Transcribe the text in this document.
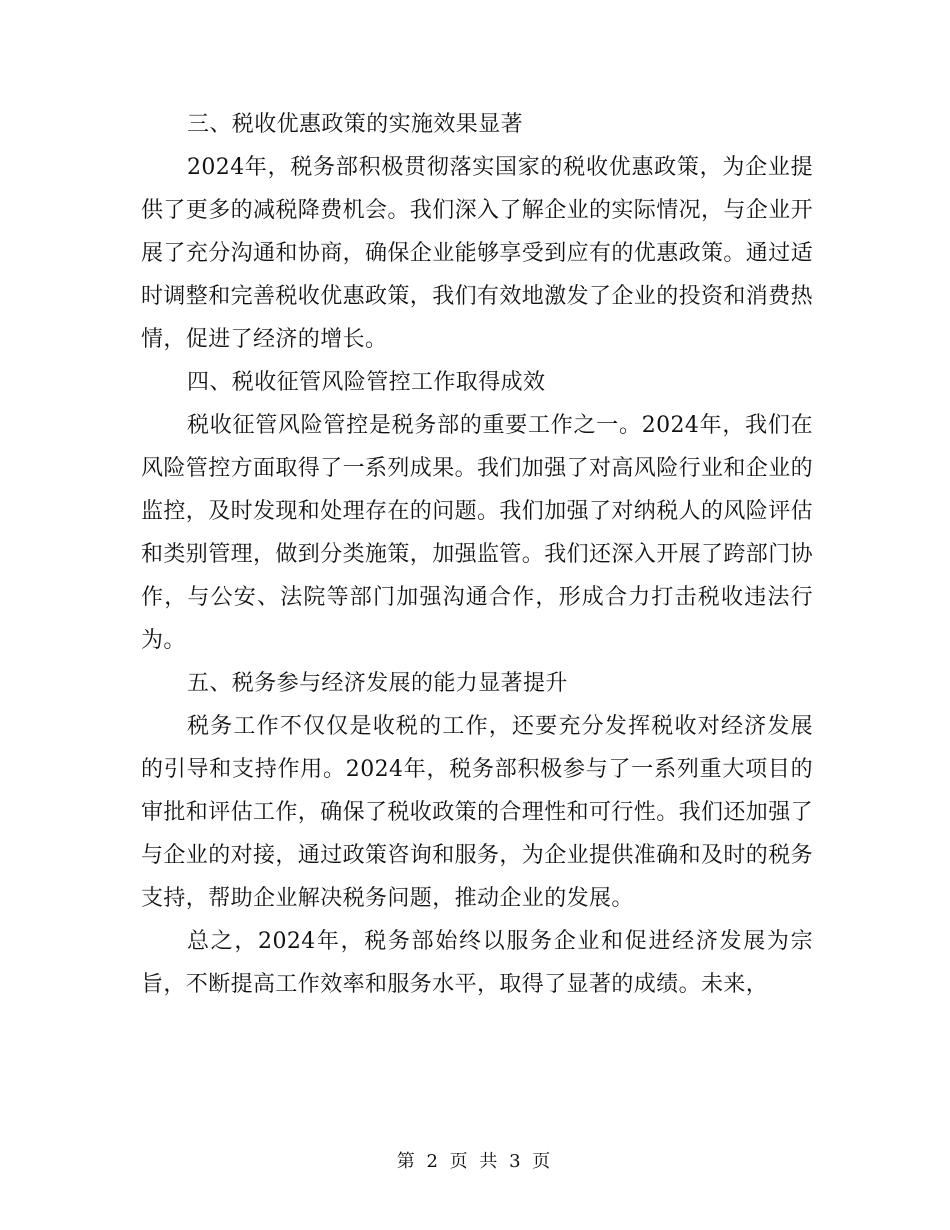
三、税收优惠政策的实施效果显著

2024年，税务部积极贯彻落实国家的税收优惠政策，为企业提供了更多的减税降费机会。我们深入了解企业的实际情况，与企业开展了充分沟通和协商，确保企业能够享受到应有的优惠政策。通过适时调整和完善税收优惠政策，我们有效地激发了企业的投资和消费热情，促进了经济的增长。

四、税收征管风险管控工作取得成效

税收征管风险管控是税务部的重要工作之一。2024年，我们在风险管控方面取得了一系列成果。我们加强了对高风险行业和企业的监控，及时发现和处理存在的问题。我们加强了对纳税人的风险评估和类别管理，做到分类施策，加强监管。我们还深入开展了跨部门协作，与公安、法院等部门加强沟通合作，形成合力打击税收违法行为。

五、税务参与经济发展的能力显著提升

税务工作不仅仅是收税的工作，还要充分发挥税收对经济发展的引导和支持作用。2024年，税务部积极参与了一系列重大项目的审批和评估工作，确保了税收政策的合理性和可行性。我们还加强了与企业的对接，通过政策咨询和服务，为企业提供准确和及时的税务支持，帮助企业解决税务问题，推动企业的发展。

总之，2024年，税务部始终以服务企业和促进经济发展为宗旨，不断提高工作效率和服务水平，取得了显著的成绩。未来，

第 2 页 共 3 页
